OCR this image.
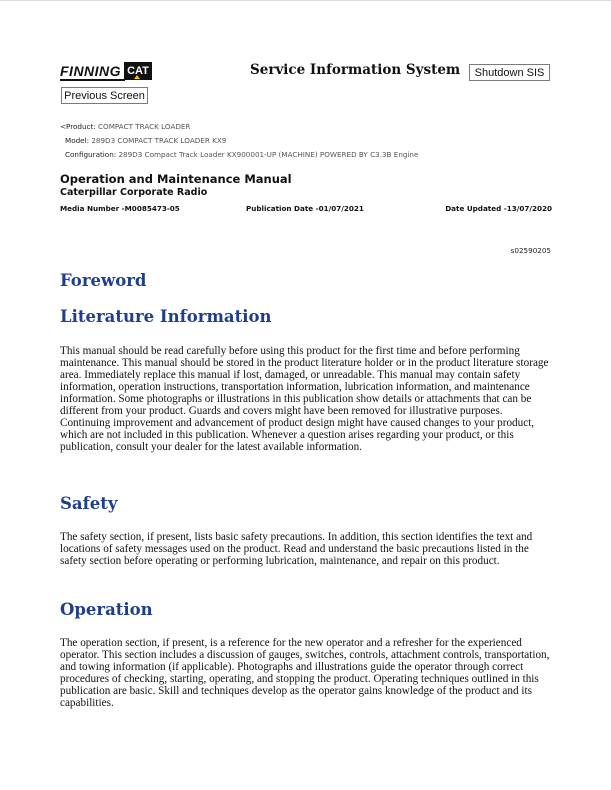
FINNING CAT	Service Information System	Shutdown SIS
Previous Screen
<Product: COMPACT TRACK LOADER
Model: 289D3 COMPACT TRACK LOADER KX9
Configuration: 289D3 Compact Track Loader KX900001-UP (MACHINE) POWERED BY C3.3B Engine
Operation and Maintenance Manual
Caterpillar Corporate Radio
Media Number -M0085473-05	Publication Date -01/07/2021	Date Updated -13/07/2020
s02590205
Foreword
Literature Information

This manual should be read carefully before using this product for the first time and before performing maintenance. This manual should be stored in the product literature holder or in the product literature storage area. Immediately replace this manual if lost, damaged, or unreadable. This manual may contain safety information, operation instructions, transportation information, lubrication information, and maintenance information. Some photographs or illustrations in this publication show details or attachments that can be different from your product. Guards and covers might have been removed for illustrative purposes. Continuing improvement and advancement of product design might have caused changes to your product, which are not included in this publication. Whenever a question arises regarding your product, or this publication, consult your dealer for the latest available information.

Safety

The safety section, if present, lists basic safety precautions. In addition, this section identifies the text and locations of safety messages used on the product. Read and understand the basic precautions listed in the safety section before operating or performing lubrication, maintenance, and repair on this product.

Operation

The operation section, if present, is a reference for the new operator and a refresher for the experienced operator. This section includes a discussion of gauges, switches, controls, attachment controls, transportation, and towing information (if applicable). Photographs and illustrations guide the operator through correct procedures of checking, starting, operating, and stopping the product. Operating techniques outlined in this publication are basic. Skill and techniques develop as the operator gains knowledge of the product and its capabilities.
